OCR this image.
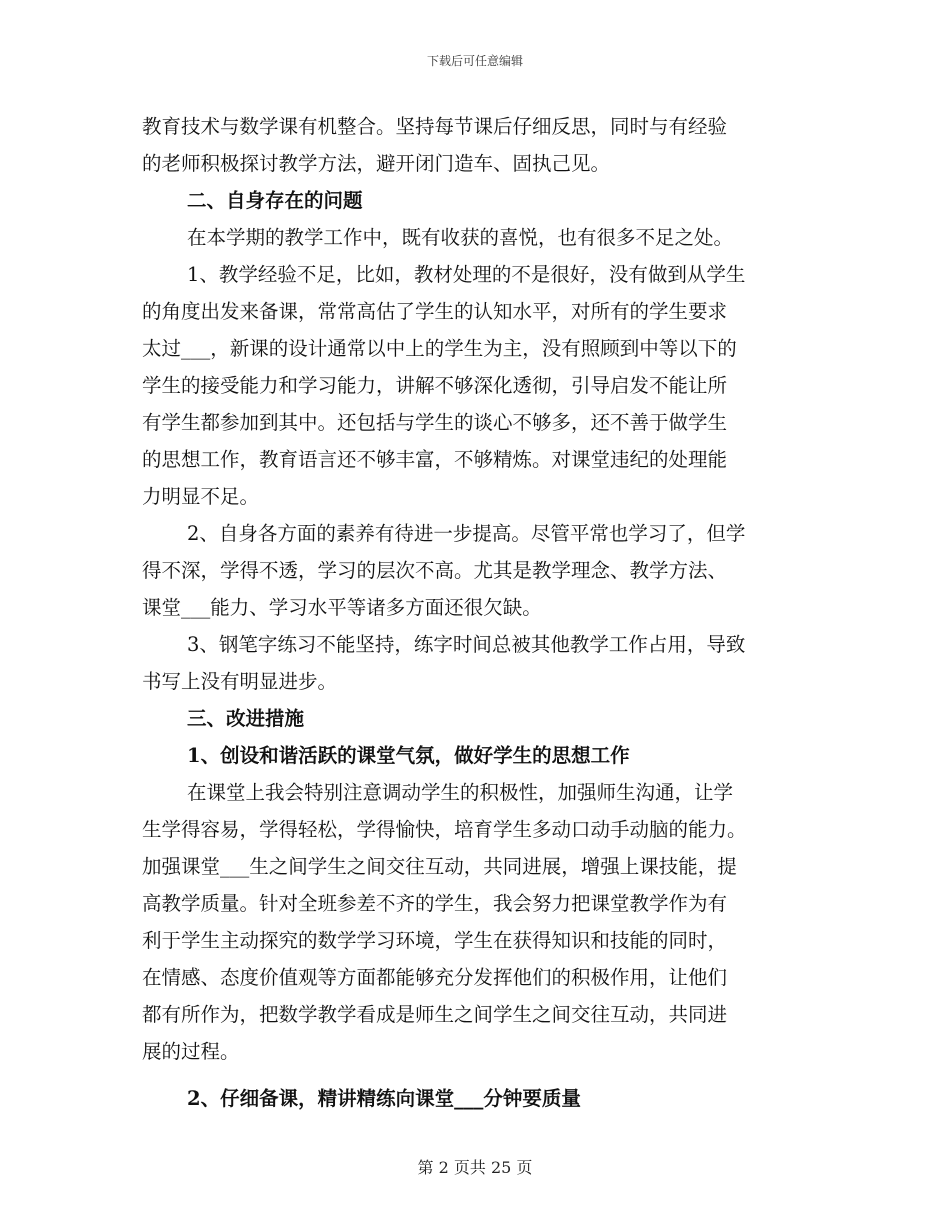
下载后可任意编辑
教育技术与数学课有机整合。坚持每节课后仔细反思，同时与有经验
的老师积极探讨教学方法，避开闭门造车、固执己见。
二、自身存在的问题
在本学期的教学工作中，既有收获的喜悦，也有很多不足之处。
1、教学经验不足，比如，教材处理的不是很好，没有做到从学生
的角度出发来备课，常常高估了学生的认知水平，对所有的学生要求
太过___，新课的设计通常以中上的学生为主，没有照顾到中等以下的
学生的接受能力和学习能力，讲解不够深化透彻，引导启发不能让所
有学生都参加到其中。还包括与学生的谈心不够多，还不善于做学生
的思想工作，教育语言还不够丰富，不够精炼。对课堂违纪的处理能
力明显不足。
2、自身各方面的素养有待进一步提高。尽管平常也学习了，但学
得不深，学得不透，学习的层次不高。尤其是教学理念、教学方法、
课堂___能力、学习水平等诸多方面还很欠缺。
3、钢笔字练习不能坚持，练字时间总被其他教学工作占用，导致
书写上没有明显进步。
三、改进措施
1、创设和谐活跃的课堂气氛，做好学生的思想工作
在课堂上我会特别注意调动学生的积极性，加强师生沟通，让学
生学得容易，学得轻松，学得愉快，培育学生多动口动手动脑的能力。
加强课堂___生之间学生之间交往互动，共同进展，增强上课技能，提
高教学质量。针对全班参差不齐的学生，我会努力把课堂教学作为有
利于学生主动探究的数学学习环境，学生在获得知识和技能的同时，
在情感、态度价值观等方面都能够充分发挥他们的积极作用，让他们
都有所作为，把数学教学看成是师生之间学生之间交往互动，共同进
展的过程。
2、仔细备课，精讲精练向课堂___分钟要质量
第 2 页共 25 页
